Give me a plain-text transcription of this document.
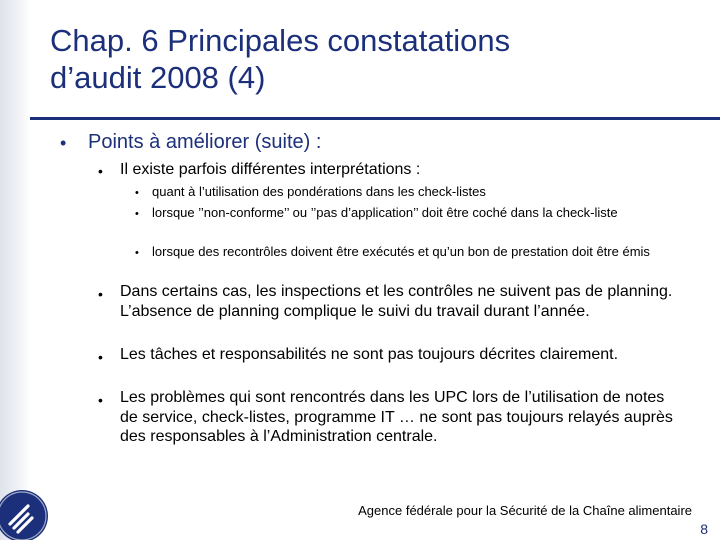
Chap. 6 Principales constatations
d’audit 2008 (4)
• Points à améliorer (suite) :
• Il existe parfois différentes interprétations :
• quant à l’utilisation des pondérations dans les check-listes
• lorsque ’’non-conforme’’ ou ’’pas d’application’’ doit être coché dans la check-liste
• lorsque des recontrôles doivent être exécutés et qu’un bon de prestation doit être émis
• Dans certains cas, les inspections et les contrôles ne suivent pas de planning. L’absence de planning complique le suivi du travail durant l’année.
• Les tâches et responsabilités ne sont pas toujours décrites clairement.
• Les problèmes qui sont rencontrés dans les UPC lors de l’utilisation de notes de service, check-listes, programme IT … ne sont pas toujours relayés auprès des responsables à l’Administration centrale.
Agence fédérale pour la Sécurité de la Chaîne alimentaire
8
